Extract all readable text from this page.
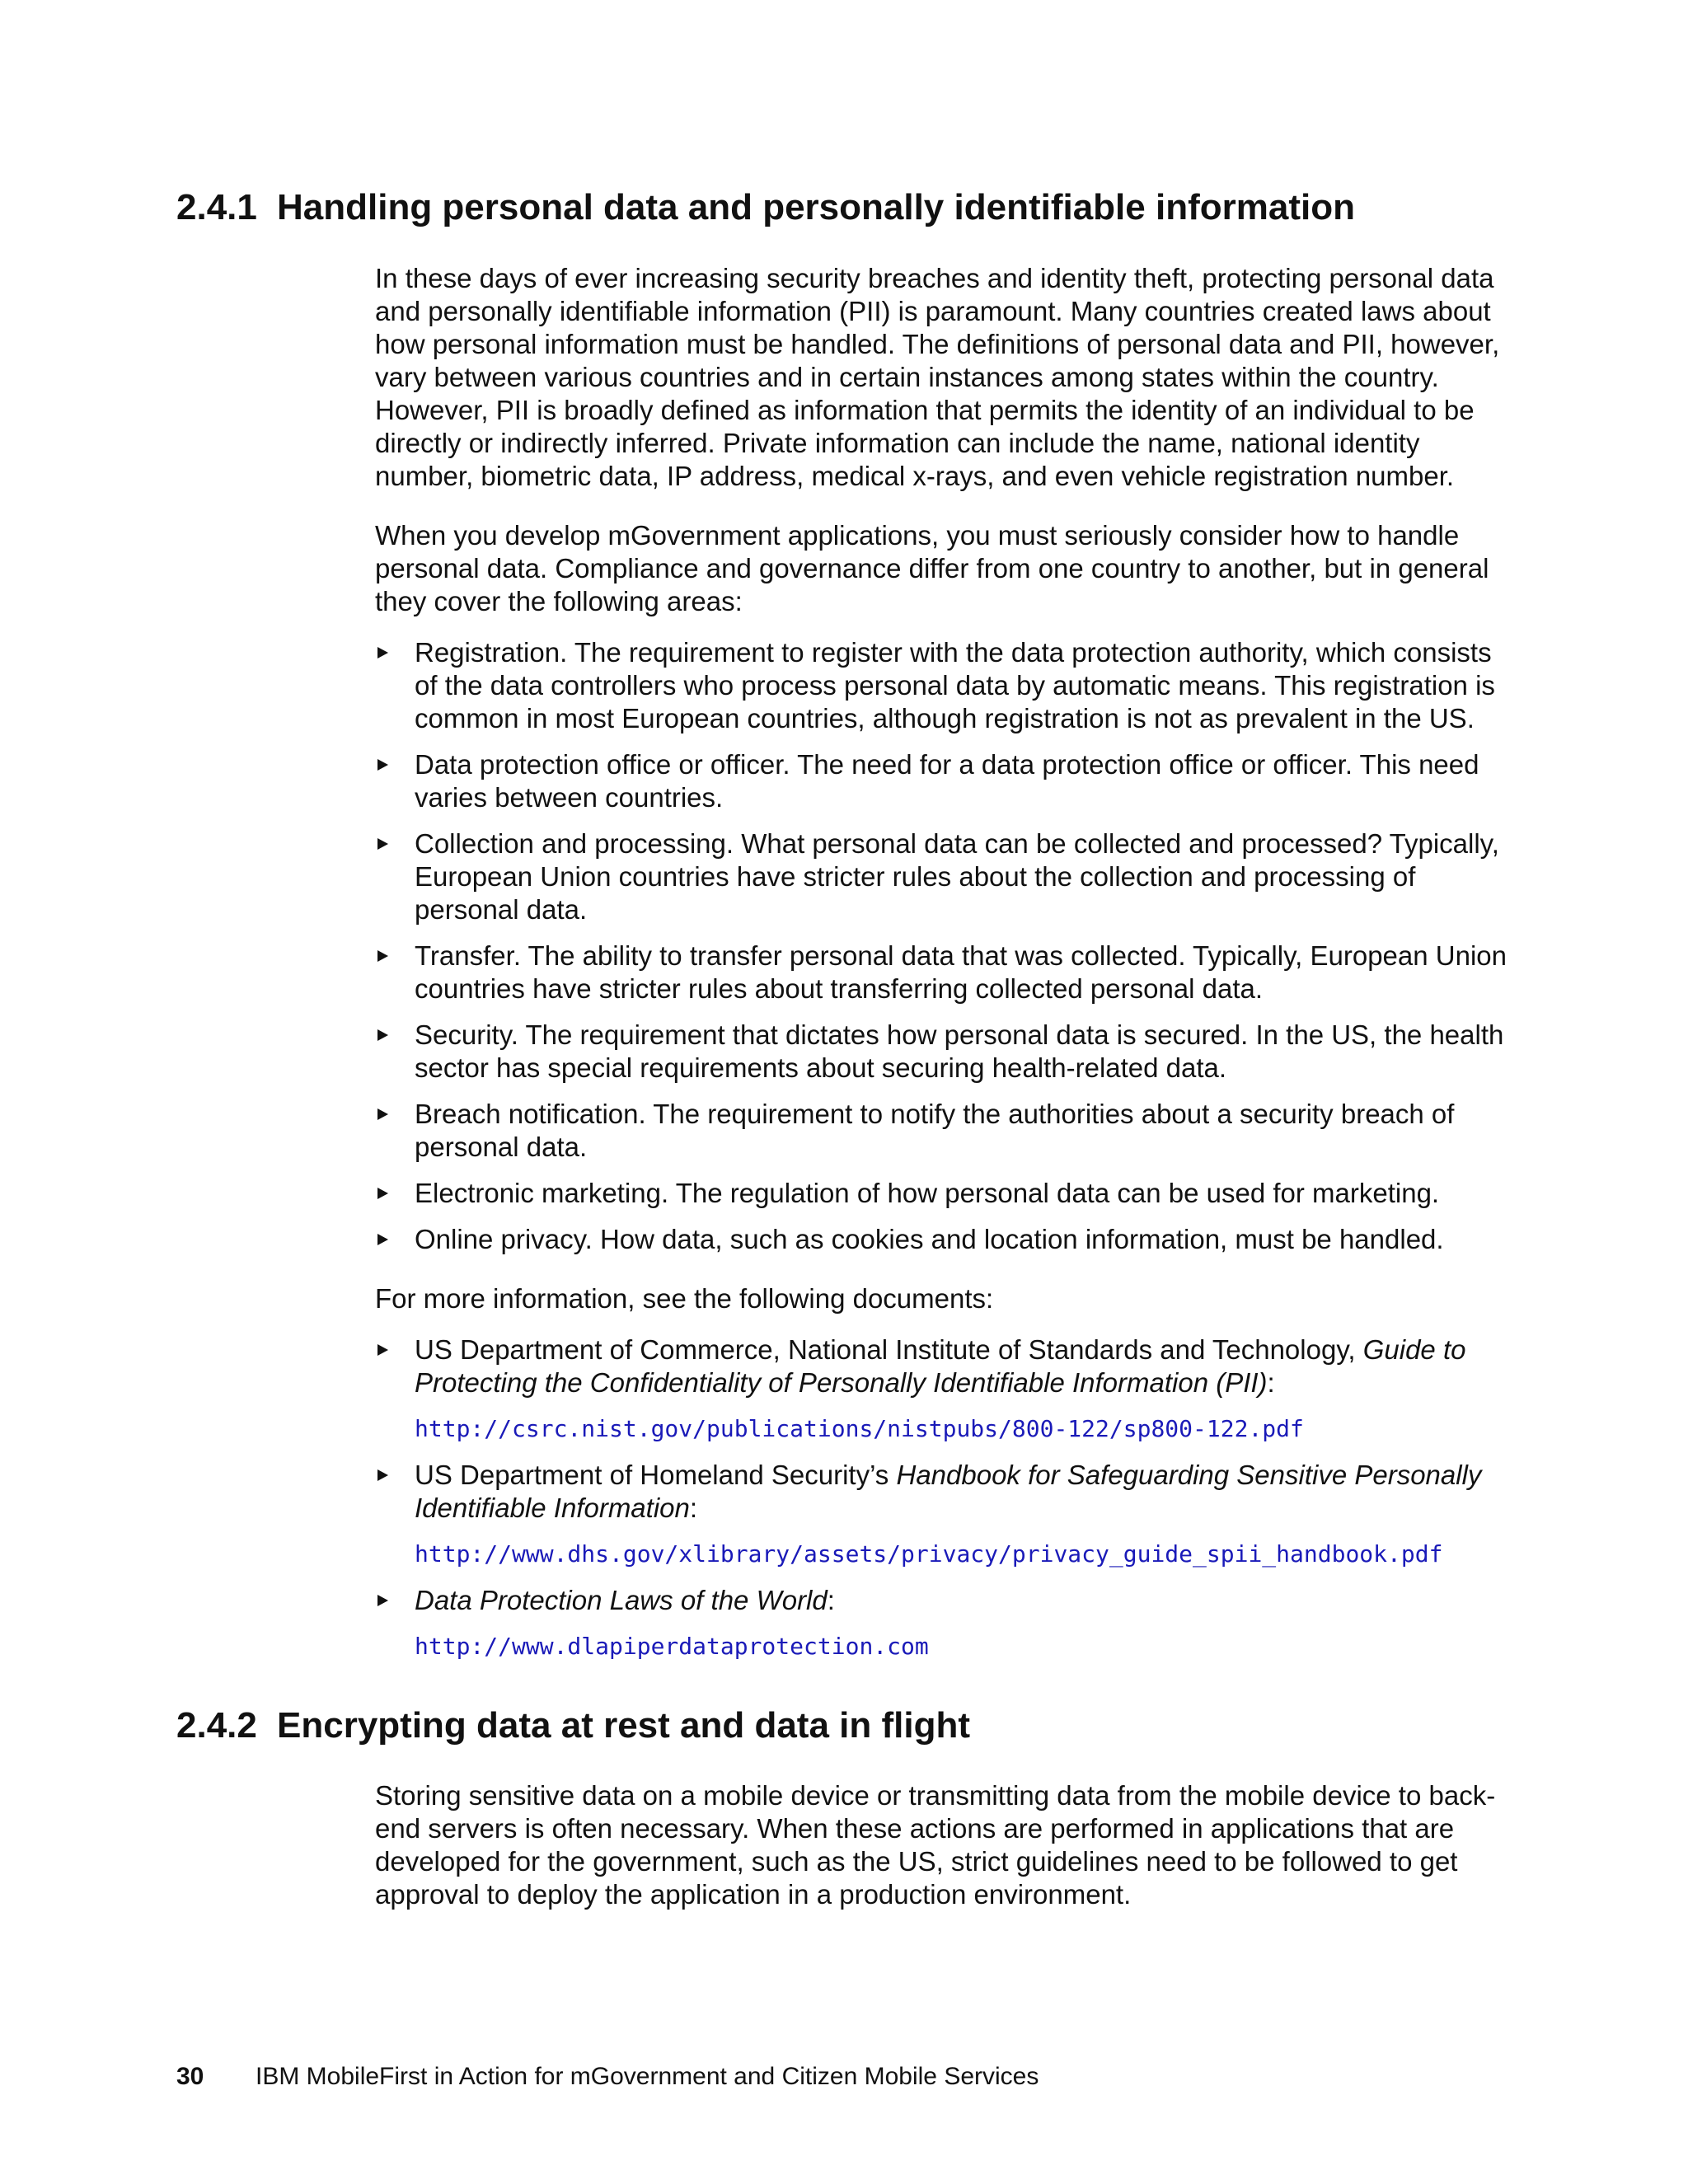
2.4.1 Handling personal data and personally identifiable information

In these days of ever increasing security breaches and identity theft, protecting personal data and personally identifiable information (PII) is paramount. Many countries created laws about how personal information must be handled. The definitions of personal data and PII, however, vary between various countries and in certain instances among states within the country. However, PII is broadly defined as information that permits the identity of an individual to be directly or indirectly inferred. Private information can include the name, national identity number, biometric data, IP address, medical x-rays, and even vehicle registration number.

When you develop mGovernment applications, you must seriously consider how to handle personal data. Compliance and governance differ from one country to another, but in general they cover the following areas:

Registration. The requirement to register with the data protection authority, which consists of the data controllers who process personal data by automatic means. This registration is common in most European countries, although registration is not as prevalent in the US.
Data protection office or officer. The need for a data protection office or officer. This need varies between countries.
Collection and processing. What personal data can be collected and processed? Typically, European Union countries have stricter rules about the collection and processing of personal data.
Transfer. The ability to transfer personal data that was collected. Typically, European Union countries have stricter rules about transferring collected personal data.
Security. The requirement that dictates how personal data is secured. In the US, the health sector has special requirements about securing health-related data.
Breach notification. The requirement to notify the authorities about a security breach of personal data.
Electronic marketing. The regulation of how personal data can be used for marketing.
Online privacy. How data, such as cookies and location information, must be handled.

For more information, see the following documents:

US Department of Commerce, National Institute of Standards and Technology, Guide to Protecting the Confidentiality of Personally Identifiable Information (PII):
http://csrc.nist.gov/publications/nistpubs/800-122/sp800-122.pdf
US Department of Homeland Security’s Handbook for Safeguarding Sensitive Personally Identifiable Information:
http://www.dhs.gov/xlibrary/assets/privacy/privacy_guide_spii_handbook.pdf
Data Protection Laws of the World:
http://www.dlapiperdataprotection.com
2.4.2 Encrypting data at rest and data in flight

Storing sensitive data on a mobile device or transmitting data from the mobile device to back-end servers is often necessary. When these actions are performed in applications that are developed for the government, such as the US, strict guidelines need to be followed to get approval to deploy the application in a production environment.

30 IBM MobileFirst in Action for mGovernment and Citizen Mobile Services
